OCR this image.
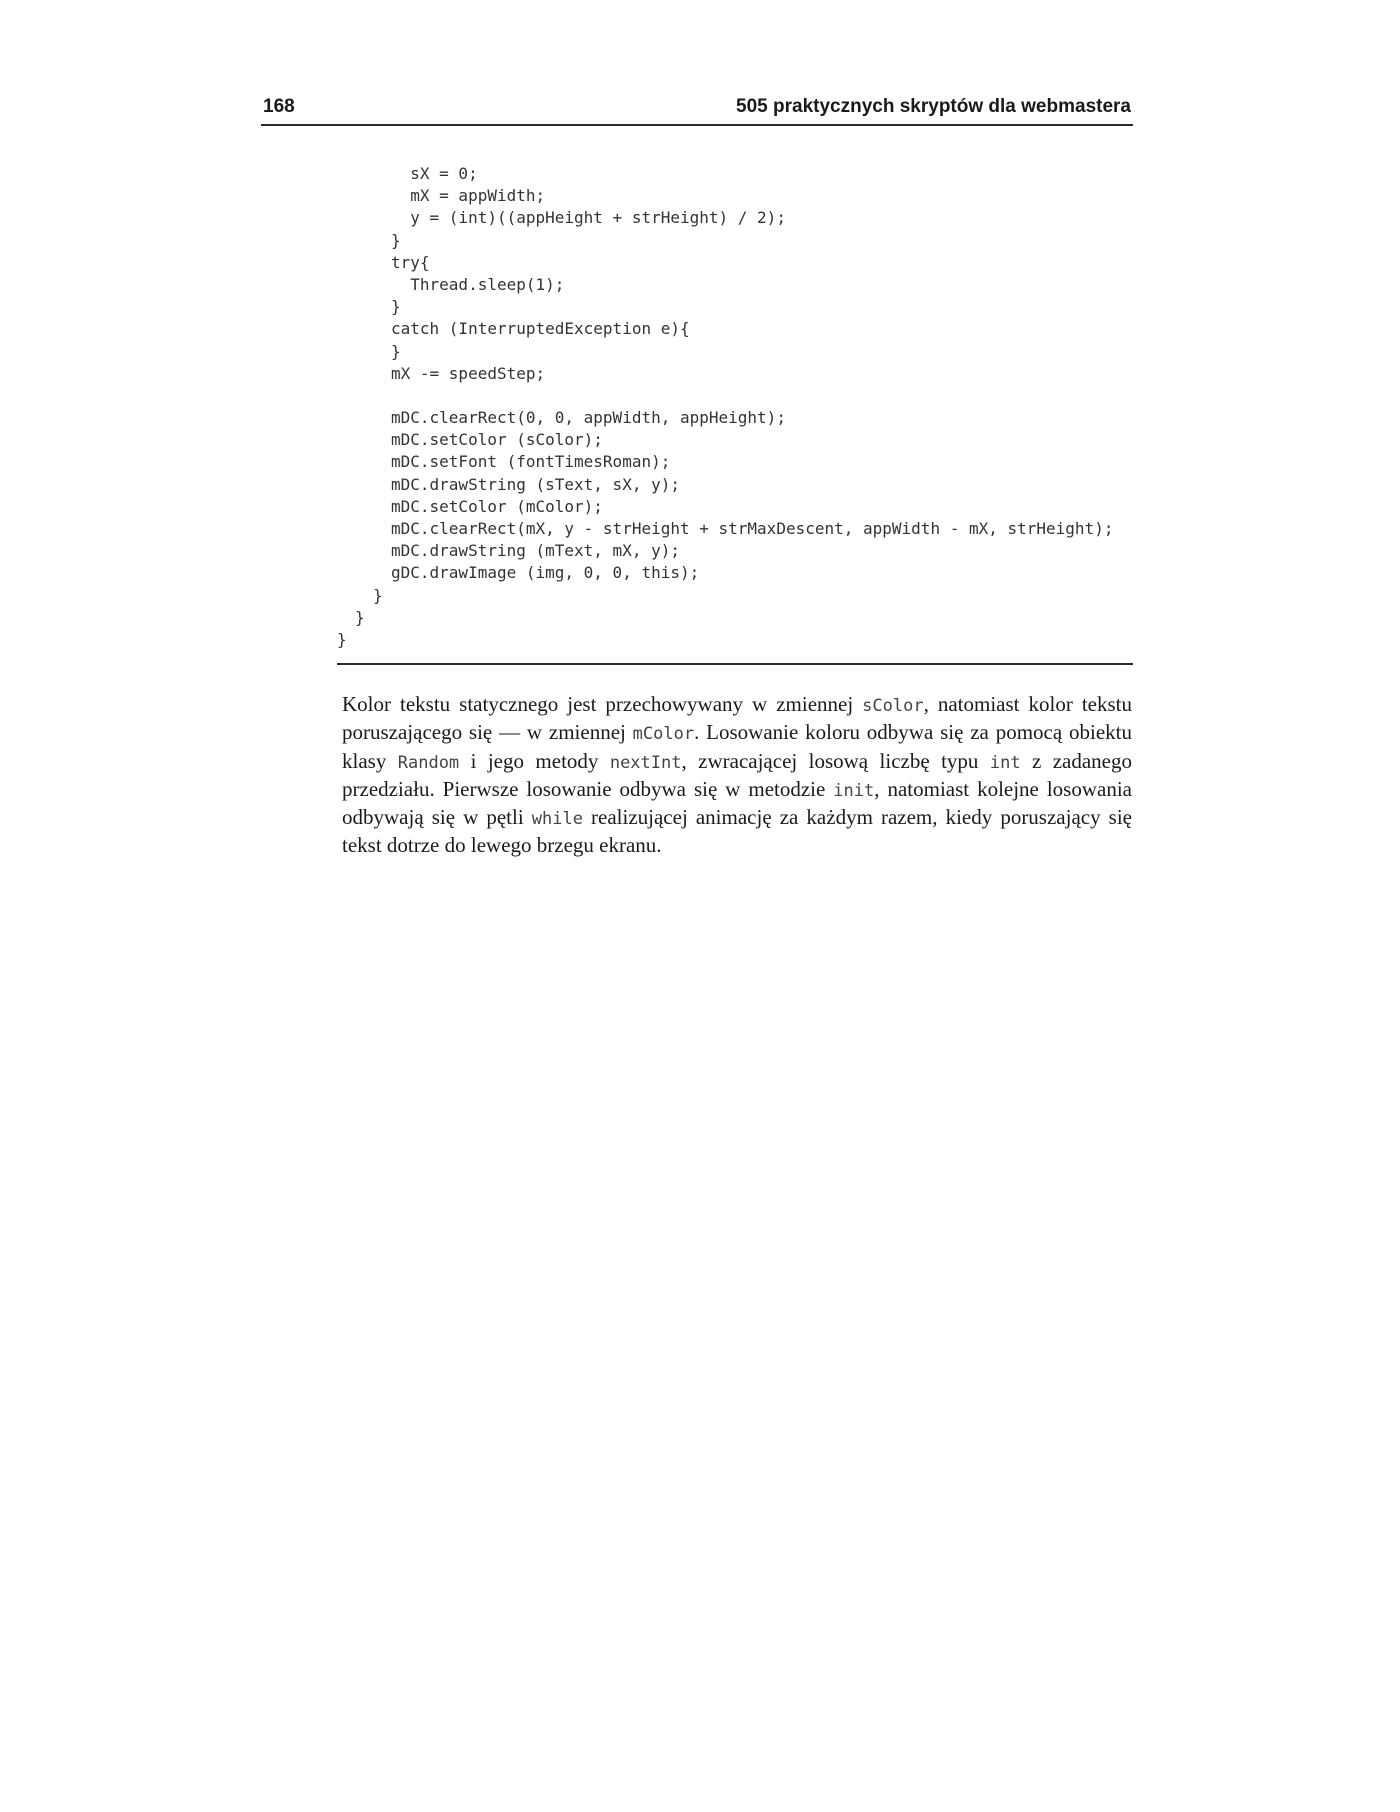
168	505 praktycznych skryptów dla webmastera
sX = 0;
mX = appWidth;
y = (int)((appHeight + strHeight) / 2);
}
try{
Thread.sleep(1);
}
catch (InterruptedException e){
}
mX -= speedStep;
mDC.clearRect(0, 0, appWidth, appHeight);
mDC.setColor (sColor);
mDC.setFont (fontTimesRoman);
mDC.drawString (sText, sX, y);
mDC.setColor (mColor);
mDC.clearRect(mX, y - strHeight + strMaxDescent, appWidth - mX, strHeight);
mDC.drawString (mText, mX, y);
gDC.drawImage (img, 0, 0, this);
}
}
}
Kolor tekstu statycznego jest przechowywany w zmiennej sColor, natomiast kolor tekstu poruszającego się — w zmiennej mColor. Losowanie koloru odbywa się za pomocą obiektu klasy Random i jego metody nextInt, zwracającej losową liczbę typu int z zadanego przedziału. Pierwsze losowanie odbywa się w metodzie init, natomiast kolejne losowania odbywają się w pętli while realizującej animację za każdym razem, kiedy poruszający się tekst dotrze do lewego brzegu ekranu.
